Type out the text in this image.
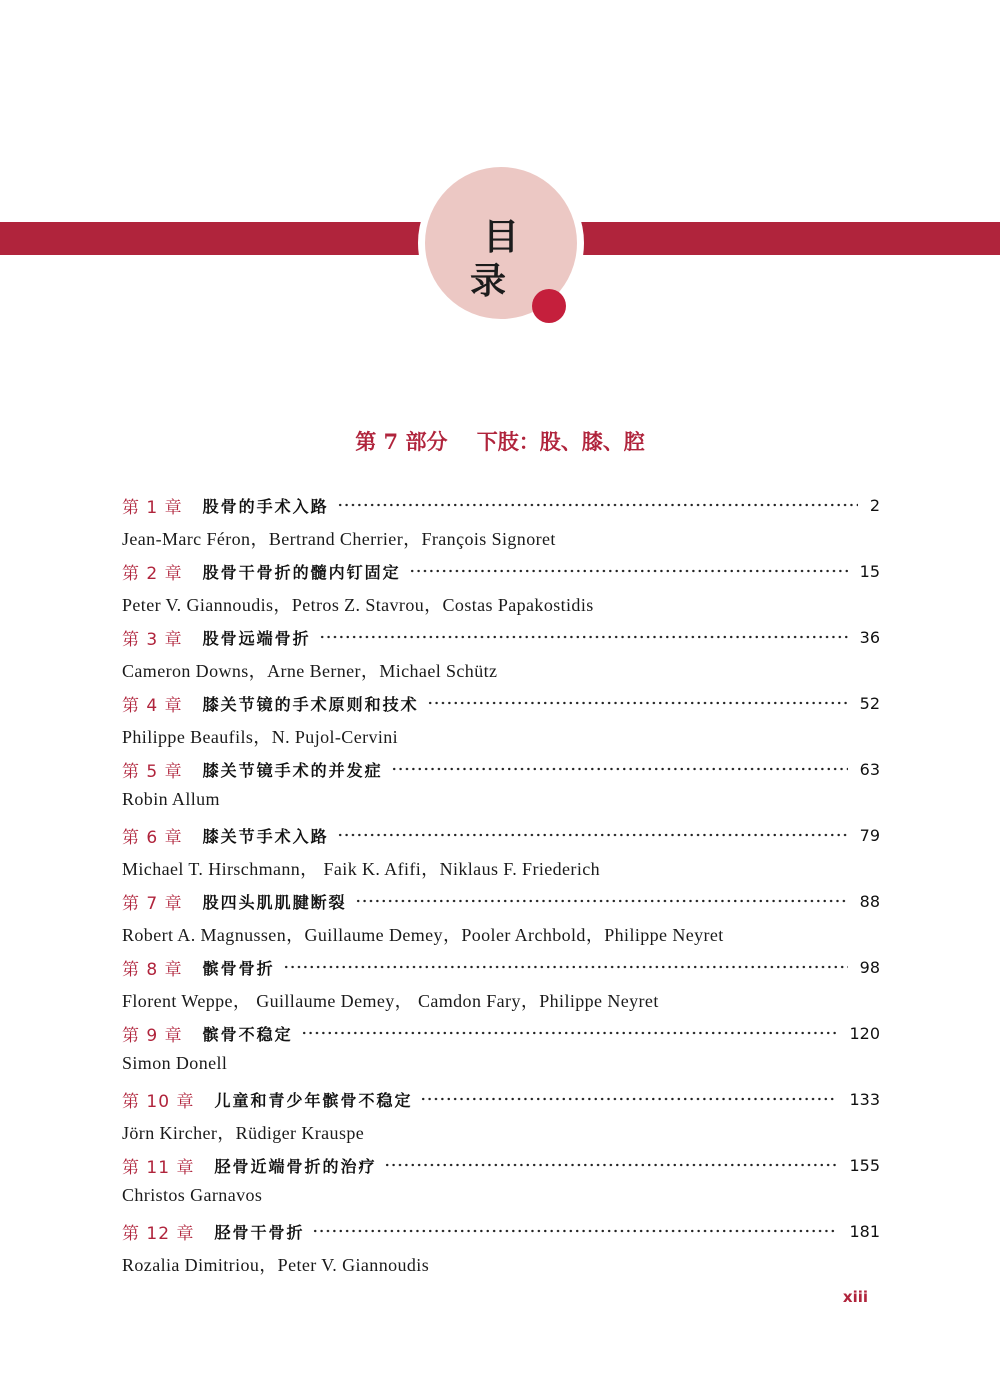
目 录
第 7 部分    下肢：股、膝、腔
第 1 章 股骨的手术入路	2
Jean-Marc Féron，Bertrand Cherrier，François Signoret
第 2 章 股骨干骨折的髓内钉固定	15
Peter V. Giannoudis，Petros Z. Stavrou，Costas Papakostidis
第 3 章 股骨远端骨折	36
Cameron Downs，Arne Berner，Michael Schütz
第 4 章 膝关节镜的手术原则和技术	52
Philippe Beaufils，N. Pujol-Cervini
第 5 章 膝关节镜手术的并发症	63
Robin Allum
第 6 章 膝关节手术入路	79
Michael T. Hirschmann， Faik K. Afifi，Niklaus F. Friederich
第 7 章 股四头肌肌腱断裂	88
Robert A. Magnussen，Guillaume Demey，Pooler Archbold，Philippe Neyret
第 8 章 髌骨骨折	98
Florent Weppe， Guillaume Demey， Camdon Fary，Philippe Neyret
第 9 章 髌骨不稳定	120
Simon Donell
第 10 章 儿童和青少年髌骨不稳定	133
Jörn Kircher，Rüdiger Krauspe
第 11 章 胫骨近端骨折的治疗	155
Christos Garnavos
第 12 章 胫骨干骨折	181
Rozalia Dimitriou，Peter V. Giannoudis
xiii
